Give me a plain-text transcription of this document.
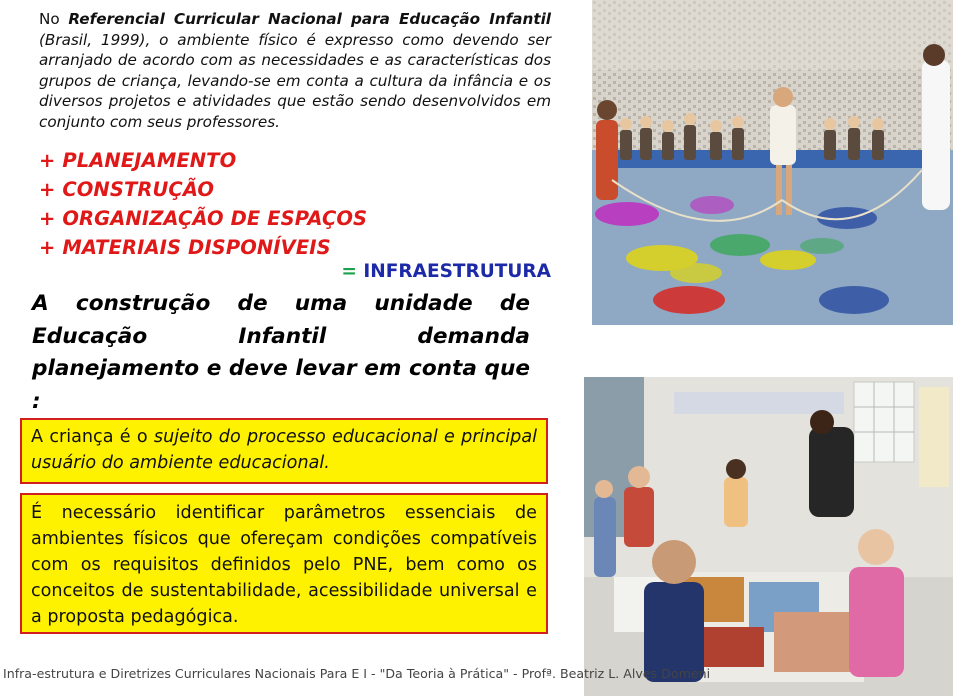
No Referencial Curricular Nacional para Educação Infantil (Brasil, 1999), o ambiente físico é expresso como devendo ser arranjado de acordo com as necessidades e as características dos grupos de criança, levando-se em conta a cultura da infância e os diversos projetos e atividades que estão sendo desenvolvidos em conjunto com seus professores.

+ PLANEJAMENTO
+ CONSTRUÇÃO
+ ORGANIZAÇÃO DE ESPAÇOS
+ MATERIAIS DISPONÍVEIS
= INFRAESTRUTURA

A construção de uma unidade de Educação Infantil demanda planejamento e deve levar em conta que :

A criança é o sujeito do processo educacional e principal usuário do ambiente educacional.
É necessário identificar parâmetros essenciais de ambientes físicos que ofereçam condições compatíveis com os requisitos definidos pelo PNE, bem como os conceitos de sustentabilidade, acessibilidade universal e a proposta pedagógica.
Infra-estrutura e Diretrizes Curriculares Nacionais Para E I - "Da Teoria à Prática" - Profª. Beatriz L. Alves Domeni
